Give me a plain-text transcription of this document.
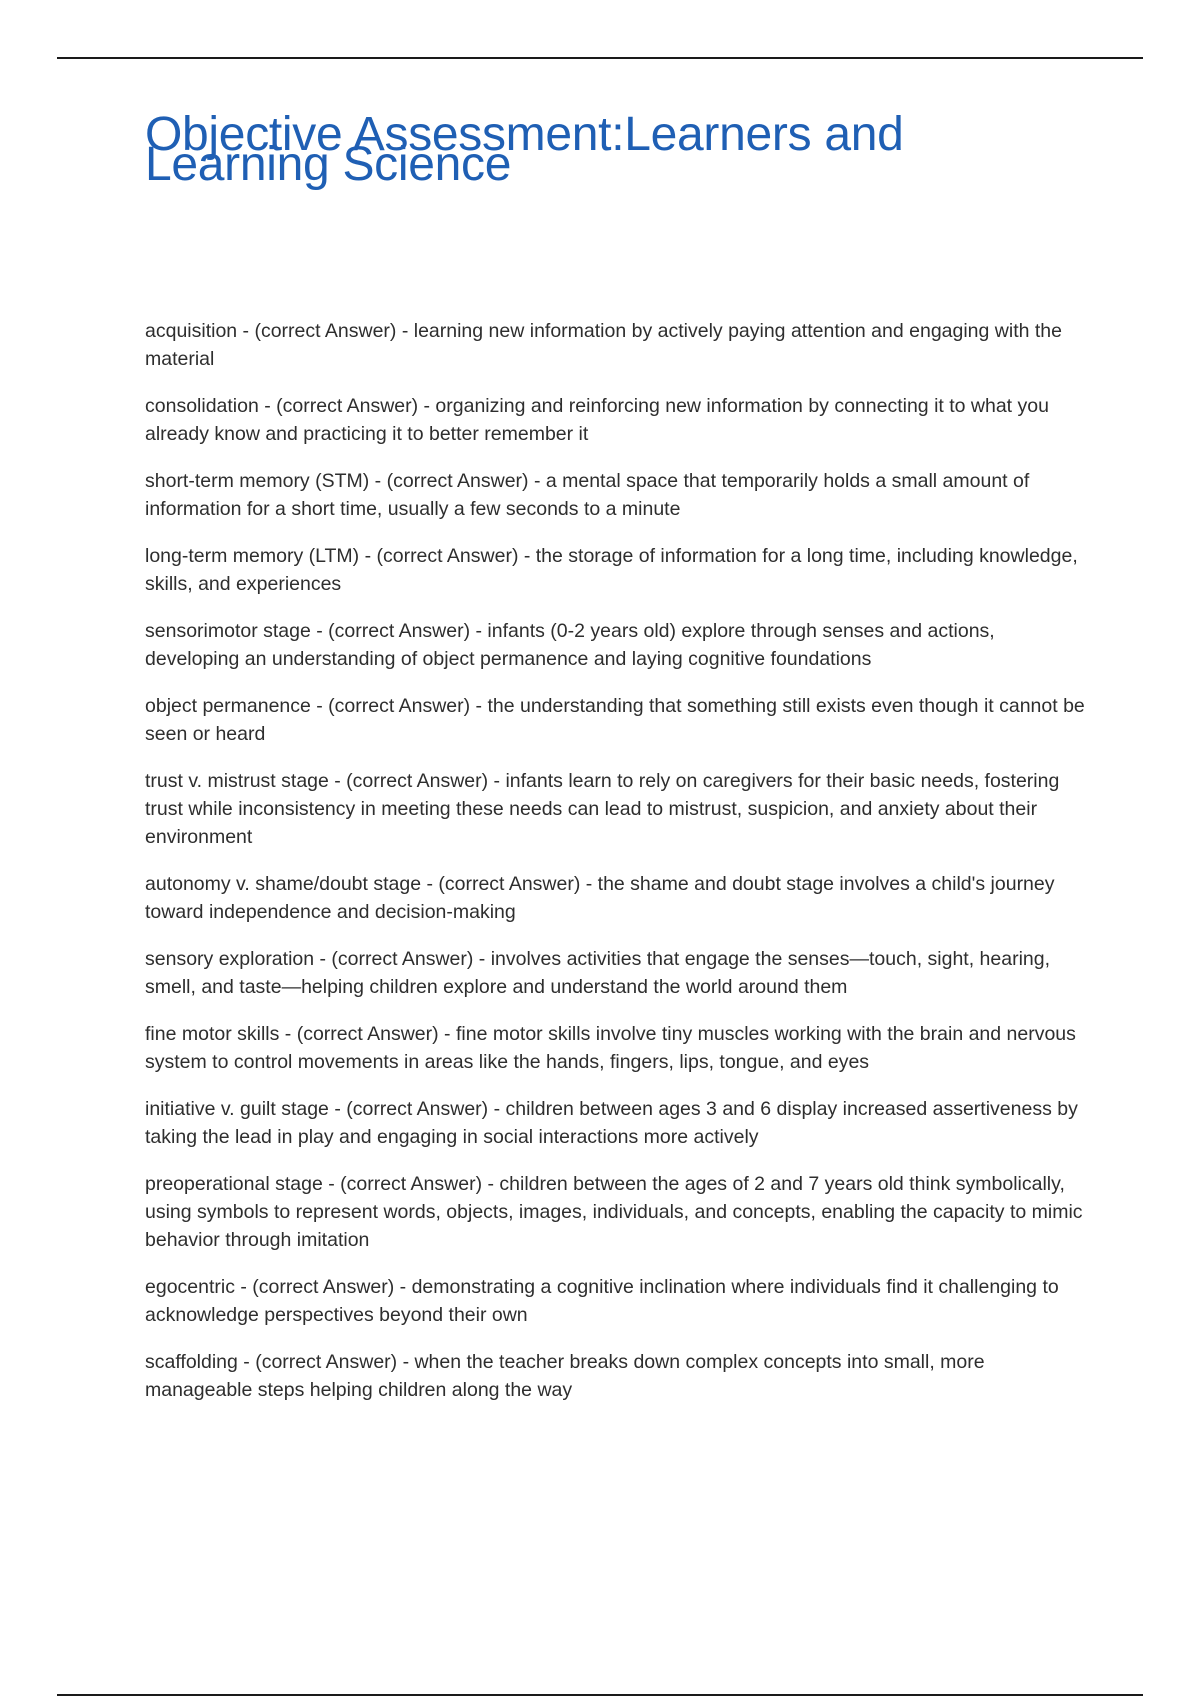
Objective Assessment:Learners and Learning Science
acquisition - (correct Answer) - learning new information by actively paying attention and engaging with the material
consolidation - (correct Answer) - organizing and reinforcing new information by connecting it to what you already know and practicing it to better remember it
short-term memory (STM) - (correct Answer) - a mental space that temporarily holds a small amount of information for a short time, usually a few seconds to a minute
long-term memory (LTM) - (correct Answer) - the storage of information for a long time, including knowledge, skills, and experiences
sensorimotor stage - (correct Answer) - infants (0-2 years old) explore through senses and actions, developing an understanding of object permanence and laying cognitive foundations
object permanence - (correct Answer) - the understanding that something still exists even though it cannot be seen or heard
trust v. mistrust stage - (correct Answer) - infants learn to rely on caregivers for their basic needs, fostering trust while inconsistency in meeting these needs can lead to mistrust, suspicion, and anxiety about their environment
autonomy v. shame/doubt stage - (correct Answer) - the shame and doubt stage involves a child's journey toward independence and decision-making
sensory exploration - (correct Answer) - involves activities that engage the senses—touch, sight, hearing, smell, and taste—helping children explore and understand the world around them
fine motor skills - (correct Answer) - fine motor skills involve tiny muscles working with the brain and nervous system to control movements in areas like the hands, fingers, lips, tongue, and eyes
initiative v. guilt stage - (correct Answer) - children between ages 3 and 6 display increased assertiveness by taking the lead in play and engaging in social interactions more actively
preoperational stage - (correct Answer) - children between the ages of 2 and 7 years old think symbolically, using symbols to represent words, objects, images, individuals, and concepts, enabling the capacity to mimic behavior through imitation
egocentric - (correct Answer) - demonstrating a cognitive inclination where individuals find it challenging to acknowledge perspectives beyond their own
scaffolding - (correct Answer) - when the teacher breaks down complex concepts into small, more manageable steps helping children along the way
